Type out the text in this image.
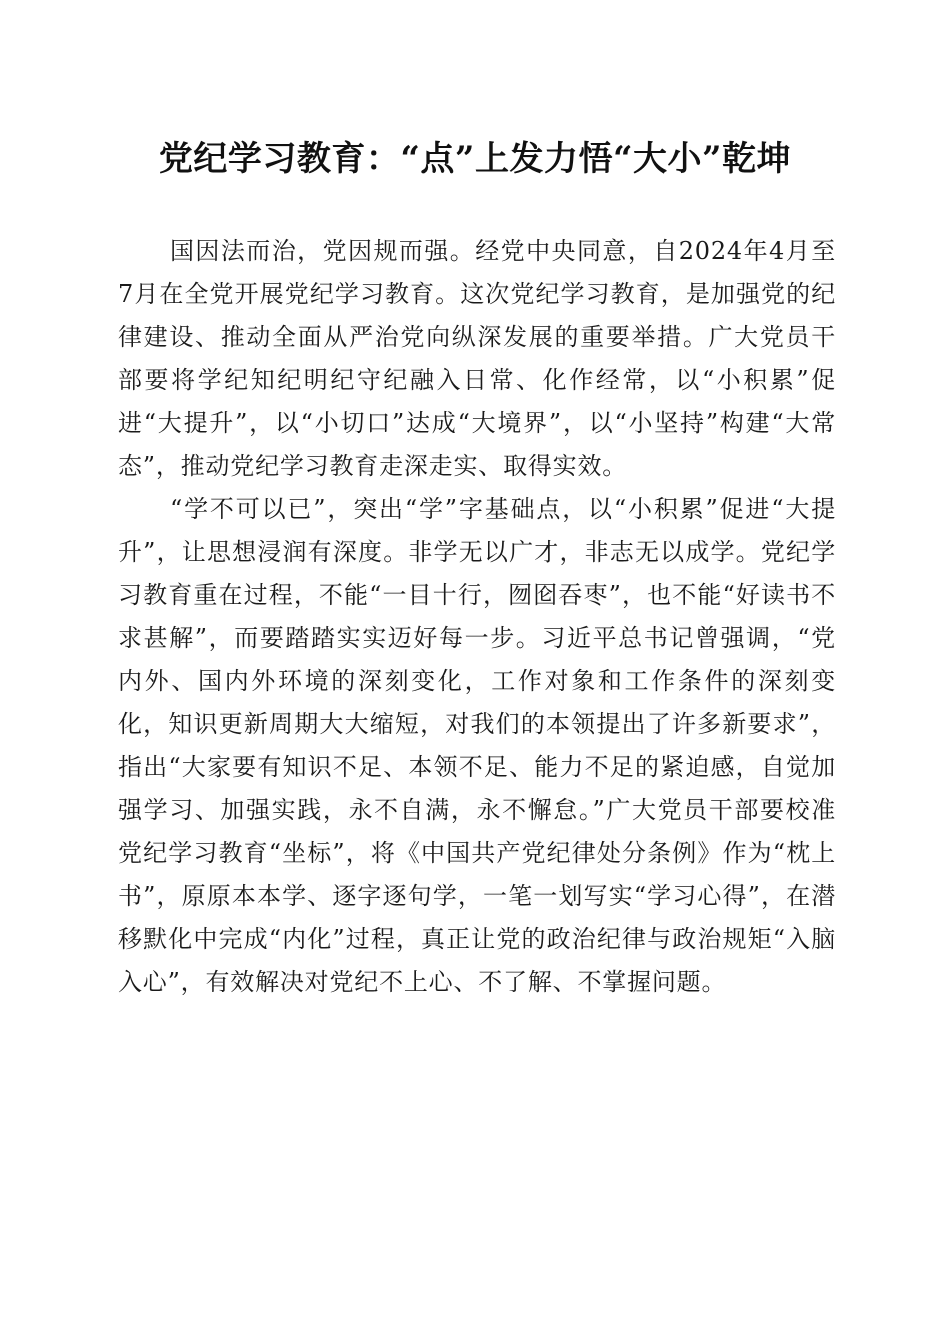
党纪学习教育：“点”上发力悟“大小”乾坤

国因法而治，党因规而强。经党中央同意，自2024年4月至7月在全党开展党纪学习教育。这次党纪学习教育，是加强党的纪律建设、推动全面从严治党向纵深发展的重要举措。广大党员干部要将学纪知纪明纪守纪融入日常、化作经常，以“小积累”促进“大提升”，以“小切口”达成“大境界”，以“小坚持”构建“大常态”，推动党纪学习教育走深走实、取得实效。

“学不可以已”，突出“学”字基础点，以“小积累”促进“大提升”，让思想浸润有深度。非学无以广才，非志无以成学。党纪学习教育重在过程，不能“一目十行，囫囵吞枣”，也不能“好读书不求甚解”，而要踏踏实实迈好每一步。习近平总书记曾强调，“党内外、国内外环境的深刻变化，工作对象和工作条件的深刻变化，知识更新周期大大缩短，对我们的本领提出了许多新要求”，指出“大家要有知识不足、本领不足、能力不足的紧迫感，自觉加强学习、加强实践，永不自满，永不懈怠。”广大党员干部要校准党纪学习教育“坐标”，将《中国共产党纪律处分条例》作为“枕上书”，原原本本学、逐字逐句学，一笔一划写实“学习心得”，在潜移默化中完成“内化”过程，真正让党的政治纪律与政治规矩“入脑入心”，有效解决对党纪不上心、不了解、不掌握问题。
